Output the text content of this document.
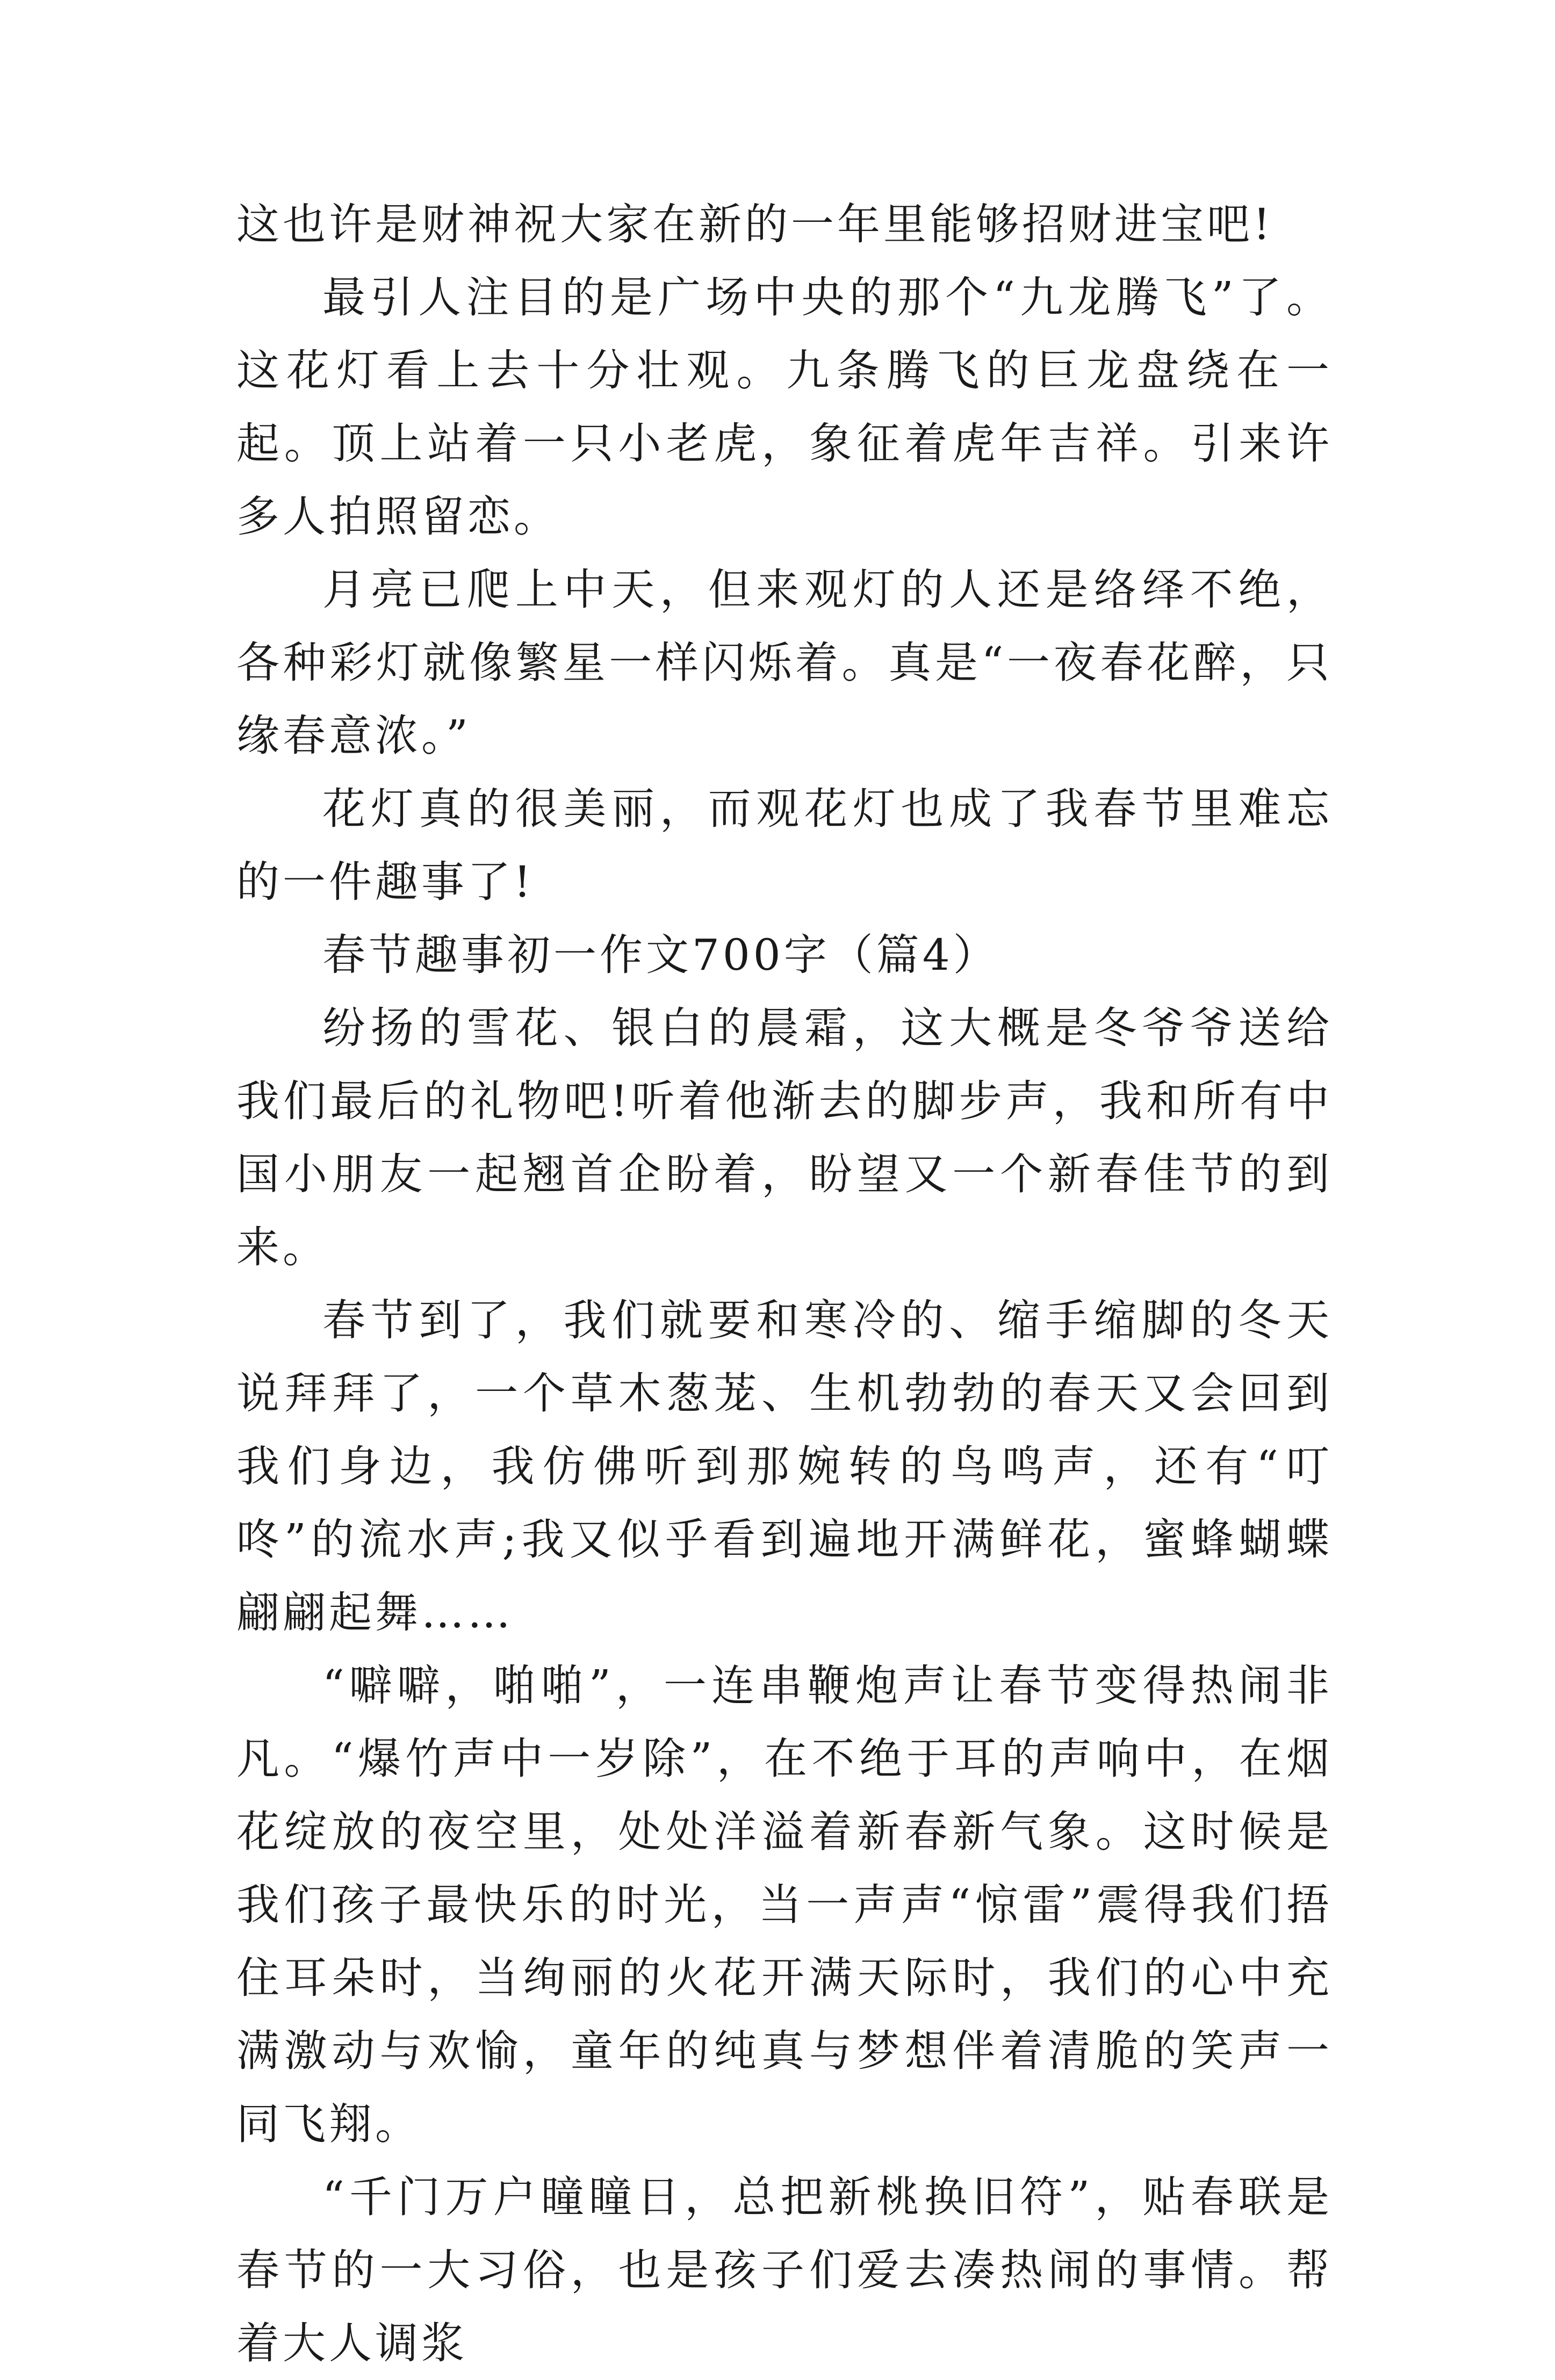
这也许是财神祝大家在新的一年里能够招财进宝吧!

最引人注目的是广场中央的那个“九龙腾飞”了。这花灯看上去十分壮观。九条腾飞的巨龙盘绕在一起。顶上站着一只小老虎，象征着虎年吉祥。引来许多人拍照留恋。

月亮已爬上中天，但来观灯的人还是络绎不绝，各种彩灯就像繁星一样闪烁着。真是“一夜春花醉，只缘春意浓。”

花灯真的很美丽，而观花灯也成了我春节里难忘的一件趣事了!

春节趣事初一作文700字（篇4）

纷扬的雪花、银白的晨霜，这大概是冬爷爷送给我们最后的礼物吧!听着他渐去的脚步声，我和所有中国小朋友一起翘首企盼着，盼望又一个新春佳节的到来。

春节到了，我们就要和寒冷的、缩手缩脚的冬天说拜拜了，一个草木葱茏、生机勃勃的春天又会回到我们身边，我仿佛听到那婉转的鸟鸣声，还有“叮咚”的流水声;我又似乎看到遍地开满鲜花，蜜蜂蝴蝶翩翩起舞……

“噼噼，啪啪”，一连串鞭炮声让春节变得热闹非凡。“爆竹声中一岁除”，在不绝于耳的声响中，在烟花绽放的夜空里，处处洋溢着新春新气象。这时候是我们孩子最快乐的时光，当一声声“惊雷”震得我们捂住耳朵时，当绚丽的火花开满天际时，我们的心中充满激动与欢愉，童年的纯真与梦想伴着清脆的笑声一同飞翔。

“千门万户瞳瞳日，总把新桃换旧符”，贴春联是春节的一大习俗，也是孩子们爱去凑热闹的事情。帮着大人调浆
